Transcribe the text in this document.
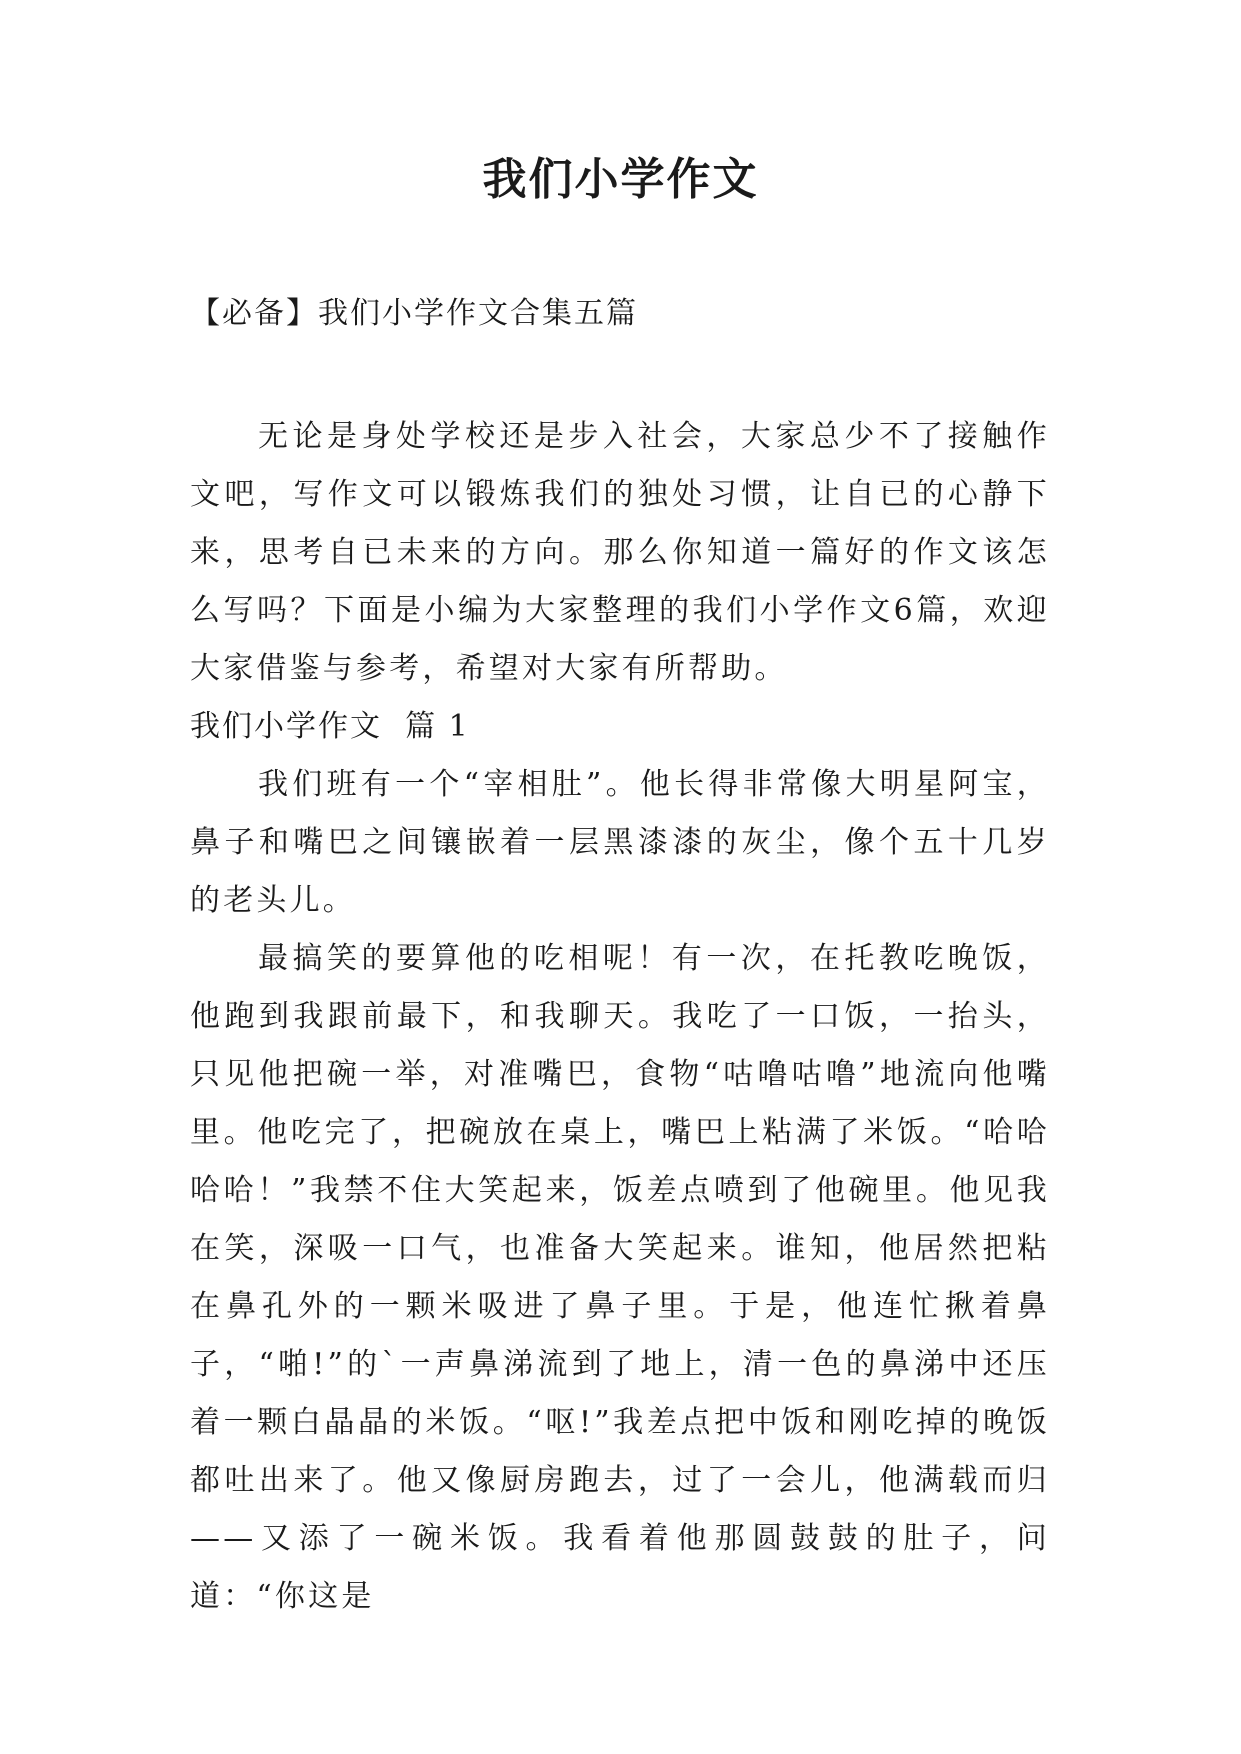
我们小学作文
【必备】我们小学作文合集五篇

无论是身处学校还是步入社会，大家总少不了接触作文吧，写作文可以锻炼我们的独处习惯，让自已的心静下来，思考自已未来的方向。那么你知道一篇好的作文该怎么写吗？下面是小编为大家整理的我们小学作文6篇，欢迎大家借鉴与参考，希望对大家有所帮助。

我们小学作文  篇 1

我们班有一个“宰相肚”。他长得非常像大明星阿宝，鼻子和嘴巴之间镶嵌着一层黑漆漆的灰尘，像个五十几岁的老头儿。

最搞笑的要算他的吃相呢！有一次，在托教吃晚饭，他跑到我跟前最下，和我聊天。我吃了一口饭，一抬头，只见他把碗一举，对准嘴巴，食物“咕噜咕噜”地流向他嘴里。他吃完了，把碗放在桌上，嘴巴上粘满了米饭。“哈哈哈哈！”我禁不住大笑起来，饭差点喷到了他碗里。他见我在笑，深吸一口气，也准备大笑起来。谁知，他居然把粘在鼻孔外的一颗米吸进了鼻子里。于是，他连忙揪着鼻子，“啪!”的`一声鼻涕流到了地上，清一色的鼻涕中还压着一颗白晶晶的米饭。“呕!”我差点把中饭和刚吃掉的晚饭都吐出来了。他又像厨房跑去，过了一会儿，他满载而归——又添了一碗米饭。我看着他那圆鼓鼓的肚子，问道：“你这是
